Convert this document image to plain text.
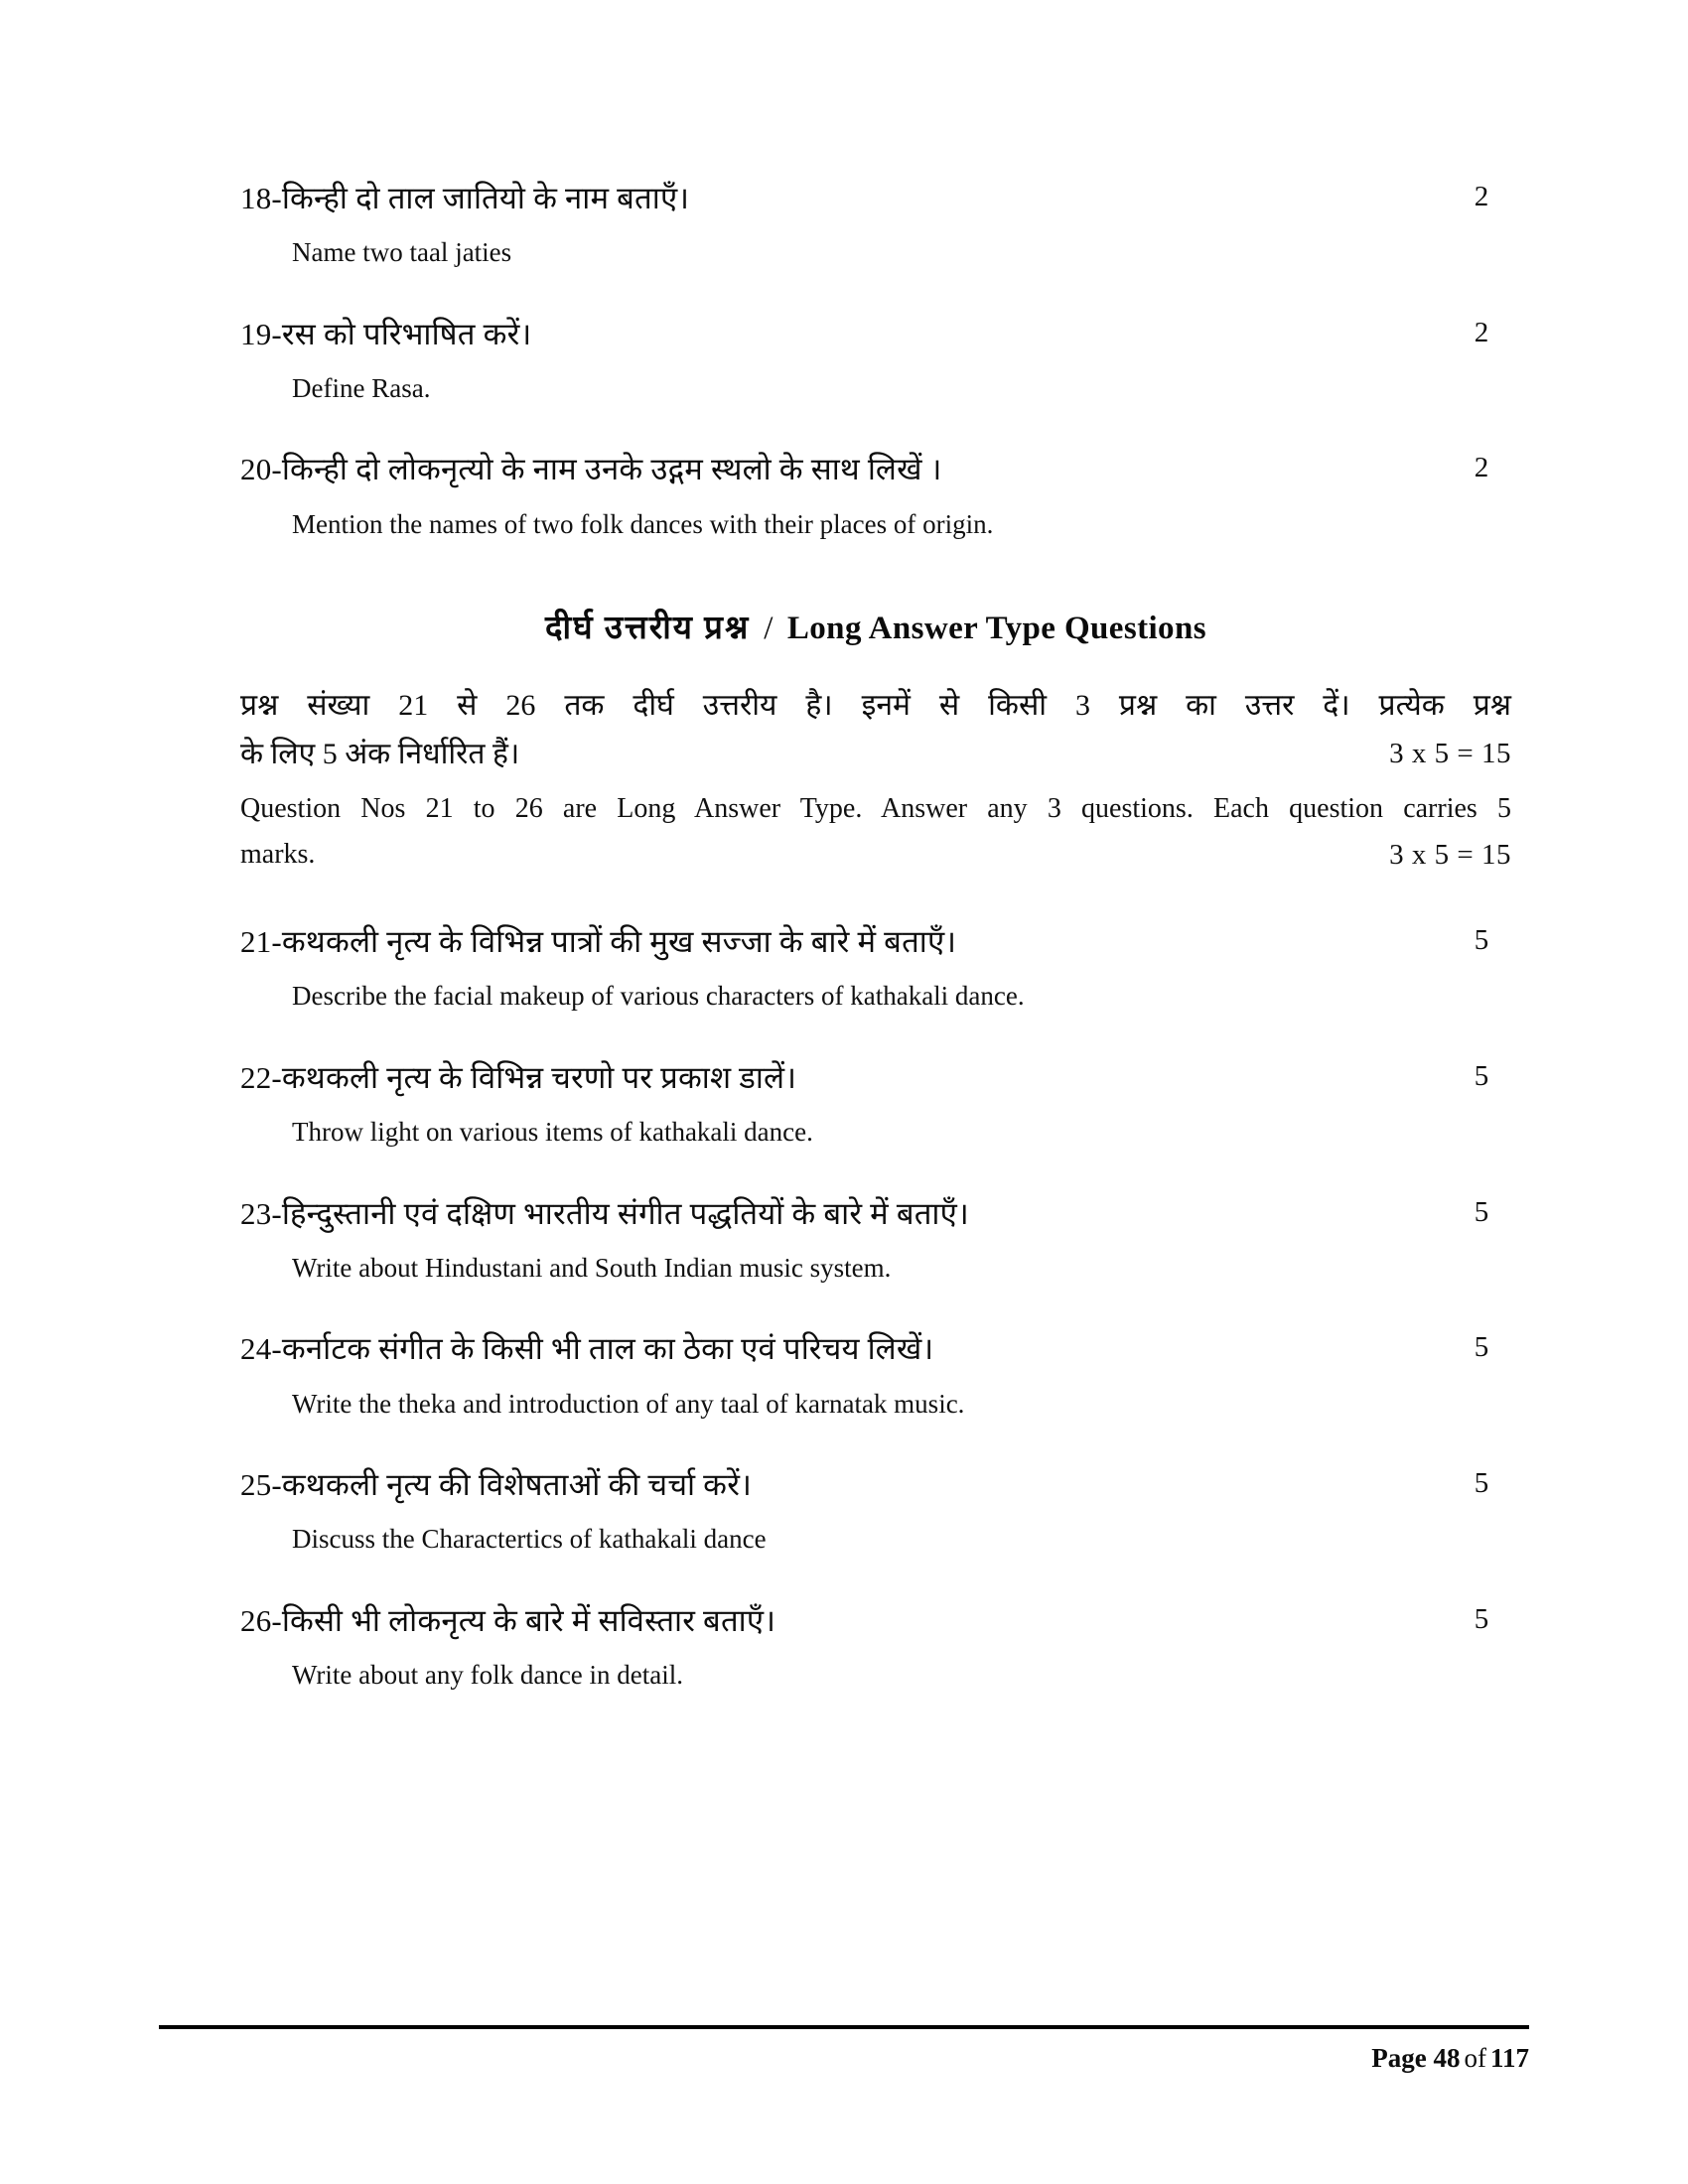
18-किन्ही दो ताल जातियो के नाम बताएँ।	2
Name two taal jaties
19-रस को परिभाषित करें।	2
Define Rasa.
20-किन्ही दो लोकनृत्यो के नाम उनके उद्गम स्थलो के साथ लिखें ।	2
Mention the names of two folk dances with their places of origin.
दीर्घ उत्तरीय प्रश्न / Long Answer Type Questions
प्रश्न संख्या 21 से 26 तक दीर्घ उत्तरीय है। इनमें से किसी 3 प्रश्न का उत्तर दें। प्रत्येक प्रश्न
के लिए 5 अंक निर्धारित हैं।	3 x 5 = 15
Question Nos 21 to 26 are Long Answer Type. Answer any 3 questions. Each question carries 5
marks.	3 x 5 = 15
21-कथकली नृत्य के विभिन्न पात्रों की मुख सज्जा के बारे में बताएँ।	5
Describe the facial makeup of various characters of kathakali dance.
22-कथकली नृत्य के विभिन्न चरणो पर प्रकाश डालें।	5
Throw light on various items of kathakali dance.
23-हिन्दुस्तानी एवं दक्षिण भारतीय संगीत पद्धतियों के बारे में बताएँ।	5
Write about Hindustani and South Indian music system.
24-कर्नाटक संगीत के किसी भी ताल का ठेका एवं परिचय लिखें।	5
Write the theka and introduction of any taal of karnatak music.
25-कथकली नृत्य की विशेषताओं की चर्चा करें।	5
Discuss the Charactertics of kathakali dance
26-किसी भी लोकनृत्य के बारे में सविस्तार बताएँ।	5
Write about any folk dance in detail.
Page 48 of 117
